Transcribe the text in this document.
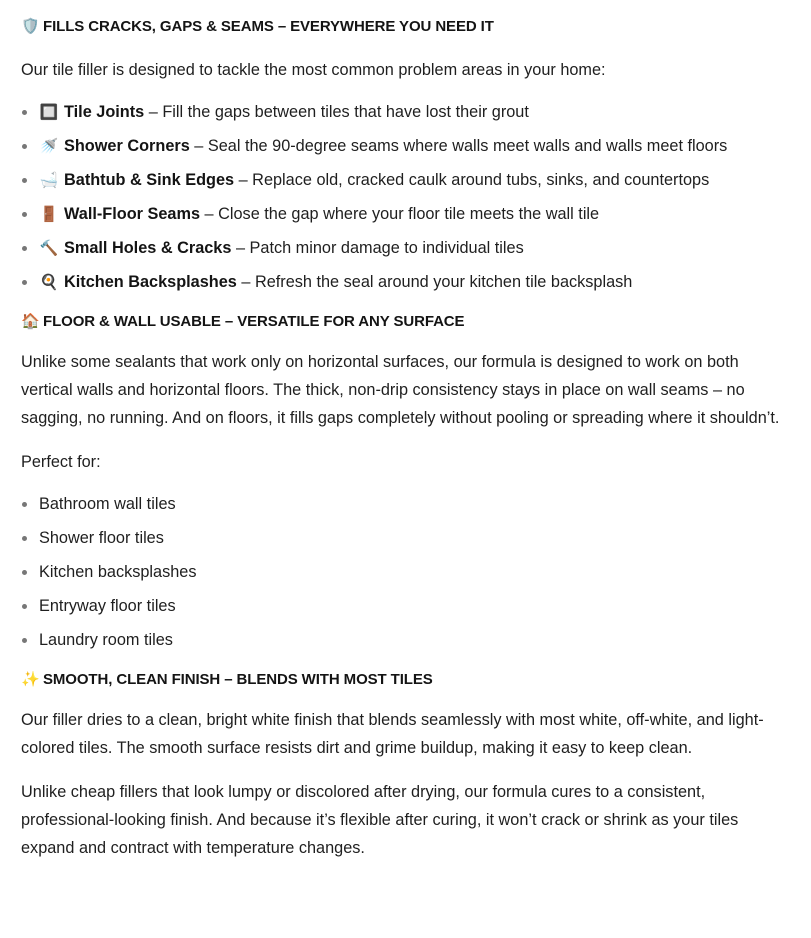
🛡️ FILLS CRACKS, GAPS & SEAMS – EVERYWHERE YOU NEED IT

Our tile filler is designed to tackle the most common problem areas in your home:

🔲 Tile Joints – Fill the gaps between tiles that have lost their grout
🚿 Shower Corners – Seal the 90-degree seams where walls meet walls and walls meet floors
🛁 Bathtub & Sink Edges – Replace old, cracked caulk around tubs, sinks, and countertops
🚪 Wall-Floor Seams – Close the gap where your floor tile meets the wall tile
🔨 Small Holes & Cracks – Patch minor damage to individual tiles
🍳 Kitchen Backsplashes – Refresh the seal around your kitchen tile backsplash
🏠 FLOOR & WALL USABLE – VERSATILE FOR ANY SURFACE

Unlike some sealants that work only on horizontal surfaces, our formula is designed to work on both vertical walls and horizontal floors. The thick, non-drip consistency stays in place on wall seams – no sagging, no running. And on floors, it fills gaps completely without pooling or spreading where it shouldn’t.

Perfect for:

Bathroom wall tiles
Shower floor tiles
Kitchen backsplashes
Entryway floor tiles
Laundry room tiles
✨ SMOOTH, CLEAN FINISH – BLENDS WITH MOST TILES

Our filler dries to a clean, bright white finish that blends seamlessly with most white, off-white, and light-colored tiles. The smooth surface resists dirt and grime buildup, making it easy to keep clean.

Unlike cheap fillers that look lumpy or discolored after drying, our formula cures to a consistent, professional-looking finish. And because it’s flexible after curing, it won’t crack or shrink as your tiles expand and contract with temperature changes.
